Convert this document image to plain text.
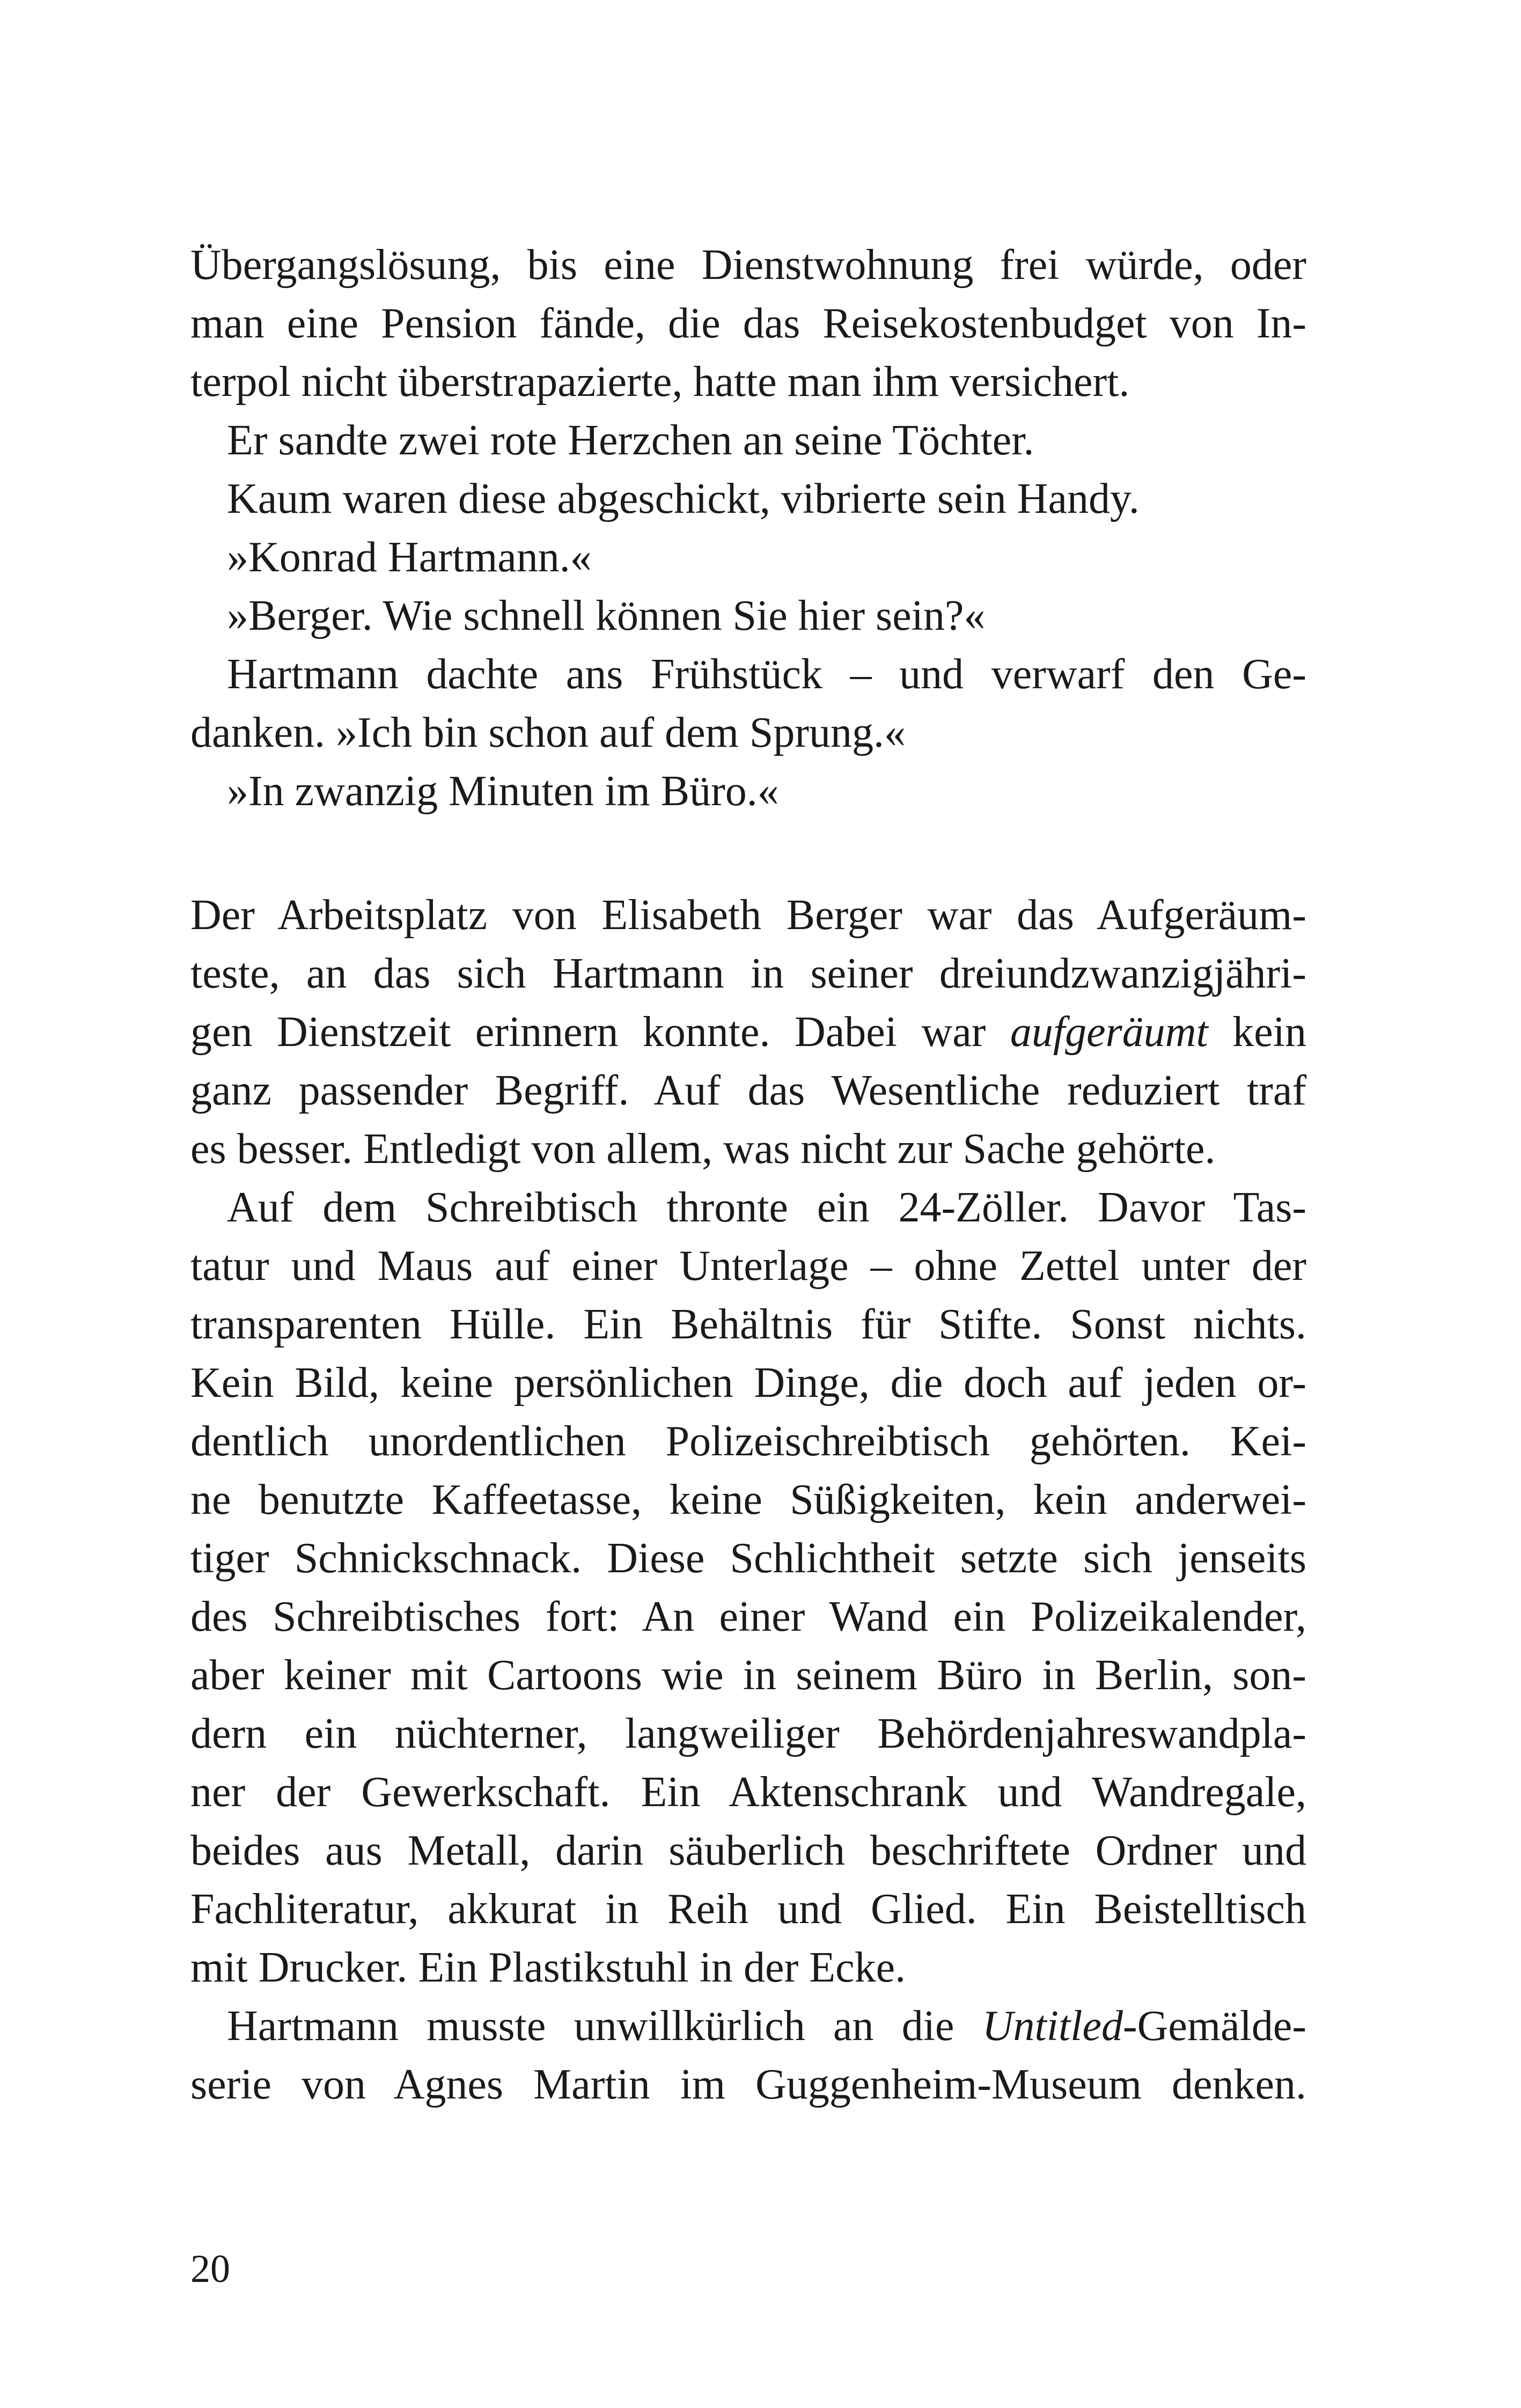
Übergangslösung, bis eine Dienstwohnung frei würde, oder
man eine Pension fände, die das Reisekostenbudget von In-
terpol nicht überstrapazierte, hatte man ihm versichert.
Er sandte zwei rote Herzchen an seine Töchter.
Kaum waren diese abgeschickt, vibrierte sein Handy.
»Konrad Hartmann.«
»Berger. Wie schnell können Sie hier sein?«
Hartmann dachte ans Frühstück – und verwarf den Ge-
danken. »Ich bin schon auf dem Sprung.«
»In zwanzig Minuten im Büro.«
Der Arbeitsplatz von Elisabeth Berger war das Aufgeräum-
teste, an das sich Hartmann in seiner dreiundzwanzigjähri-
gen Dienstzeit erinnern konnte. Dabei war aufgeräumt kein
ganz passender Begriff. Auf das Wesentliche reduziert traf
es besser. Entledigt von allem, was nicht zur Sache gehörte.
Auf dem Schreibtisch thronte ein 24-Zöller. Davor Tas-
tatur und Maus auf einer Unterlage – ohne Zettel unter der
transparenten Hülle. Ein Behältnis für Stifte. Sonst nichts.
Kein Bild, keine persönlichen Dinge, die doch auf jeden or-
dentlich unordentlichen Polizeischreibtisch gehörten. Kei-
ne benutzte Kaffeetasse, keine Süßigkeiten, kein anderwei-
tiger Schnickschnack. Diese Schlichtheit setzte sich jenseits
des Schreibtisches fort: An einer Wand ein Polizeikalender,
aber keiner mit Cartoons wie in seinem Büro in Berlin, son-
dern ein nüchterner, langweiliger Behördenjahreswandpla-
ner der Gewerkschaft. Ein Aktenschrank und Wandregale,
beides aus Metall, darin säuberlich beschriftete Ordner und
Fachliteratur, akkurat in Reih und Glied. Ein Beistelltisch
mit Drucker. Ein Plastikstuhl in der Ecke.
Hartmann musste unwillkürlich an die Untitled-Gemälde-
serie von Agnes Martin im Guggenheim-Museum denken.
20
